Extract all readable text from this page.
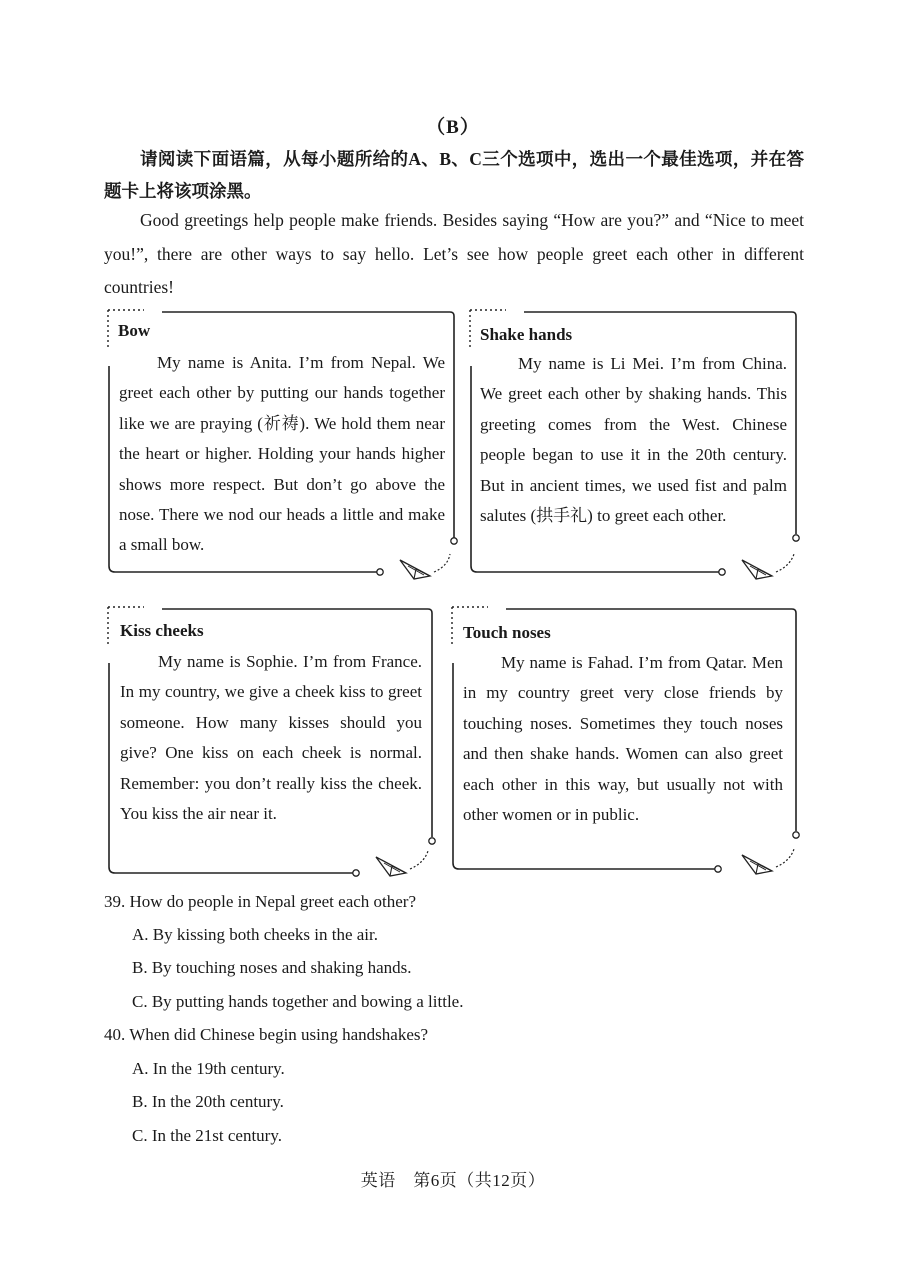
（B）
请阅读下面语篇，从每小题所给的A、B、C三个选项中，选出一个最佳选项，并在答题卡上将该项涂黑。
Good greetings help people make friends. Besides saying “How are you?” and “Nice to meet you!”, there are other ways to say hello. Let’s see how people greet each other in different countries!
Bow
My name is Anita. I’m from Nepal. We greet each other by putting our hands together like we are praying (祈祷). We hold them near the heart or higher. Holding your hands higher shows more respect. But don’t go above the nose. There we nod our heads a little and make a small bow.
Shake hands
My name is Li Mei. I’m from China. We greet each other by shaking hands. This greeting comes from the West. Chinese people began to use it in the 20th century. But in ancient times, we used fist and palm salutes (拱手礼) to greet each other.
Kiss cheeks
My name is Sophie. I’m from France. In my country, we give a cheek kiss to greet someone. How many kisses should you give? One kiss on each cheek is normal. Remember: you don’t really kiss the cheek. You kiss the air near it.
Touch noses
My name is Fahad. I’m from Qatar. Men in my country greet very close friends by touching noses. Sometimes they touch noses and then shake hands. Women can also greet each other in this way, but usually not with other women or in public.
39. How do people in Nepal greet each other?
A. By kissing both cheeks in the air.
B. By touching noses and shaking hands.
C. By putting hands together and bowing a little.
40. When did Chinese begin using handshakes?
A. In the 19th century.
B. In the 20th century.
C. In the 21st century.
英语　第6页（共12页）
